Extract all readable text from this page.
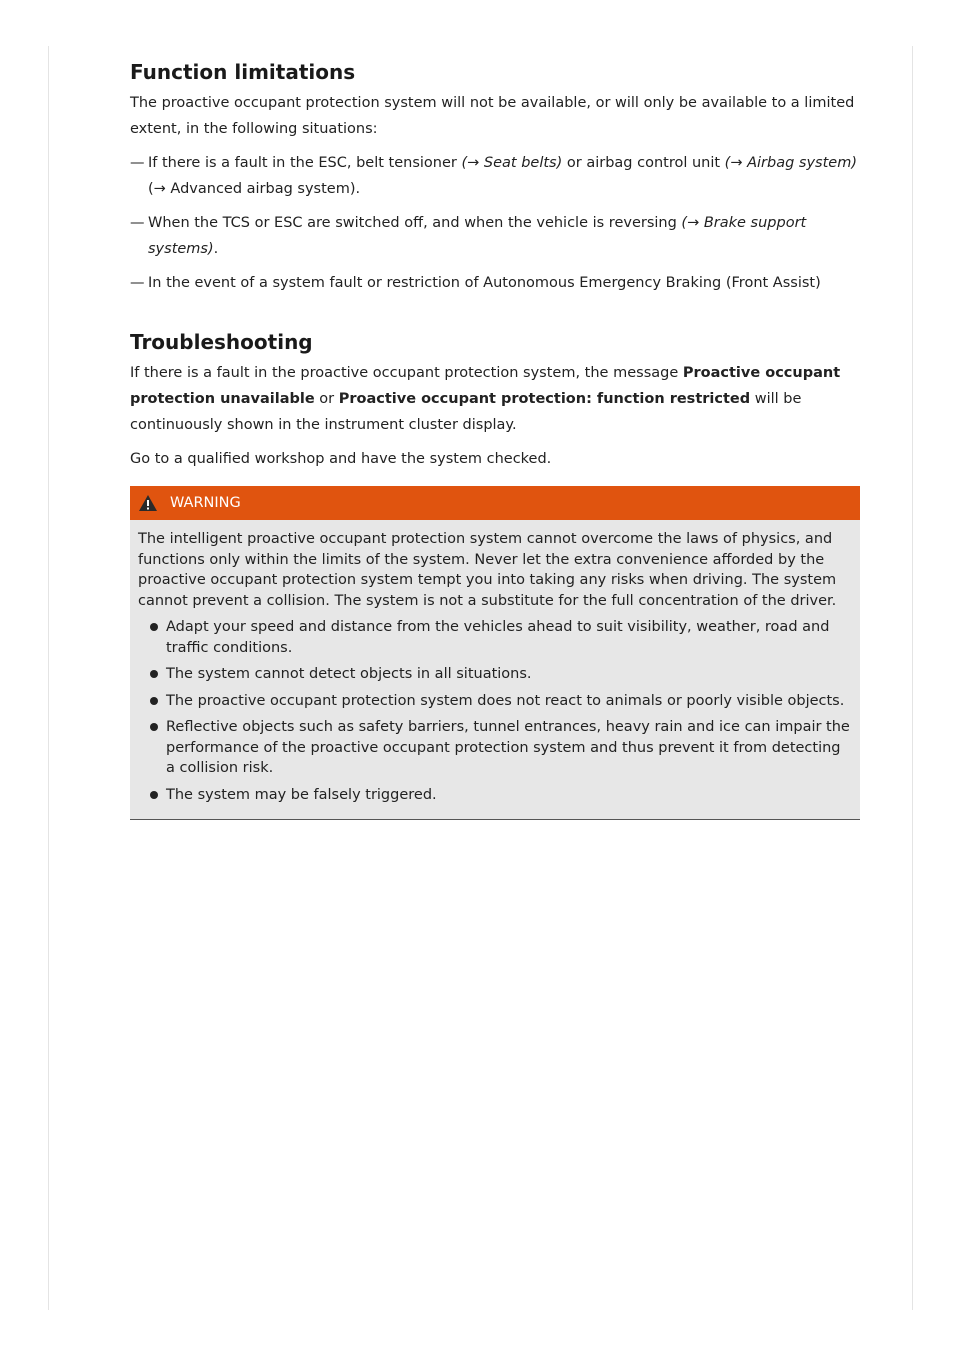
Function limitations

The proactive occupant protection system will not be available, or will only be available to a limited extent, in the following situations:

— If there is a fault in the ESC, belt tensioner (→ Seat belts) or airbag control unit (→ Airbag system) (→ Advanced airbag system).
— When the TCS or ESC are switched off, and when the vehicle is reversing (→ Brake support systems).
— In the event of a system fault or restriction of Autonomous Emergency Braking (Front Assist)
Troubleshooting

If there is a fault in the proactive occupant protection system, the message Proactive occupant protection unavailable or Proactive occupant protection: function restricted will be continuously shown in the instrument cluster display.

Go to a qualified workshop and have the system checked.

WARNING

The intelligent proactive occupant protection system cannot overcome the laws of physics, and functions only within the limits of the system. Never let the extra convenience afforded by the proactive occupant protection system tempt you into taking any risks when driving. The system cannot prevent a collision. The system is not a substitute for the full concentration of the driver.

Adapt your speed and distance from the vehicles ahead to suit visibility, weather, road and traffic conditions.
The system cannot detect objects in all situations.
The proactive occupant protection system does not react to animals or poorly visible objects.
Reflective objects such as safety barriers, tunnel entrances, heavy rain and ice can impair the performance of the proactive occupant protection system and thus prevent it from detecting a collision risk.
The system may be falsely triggered.
